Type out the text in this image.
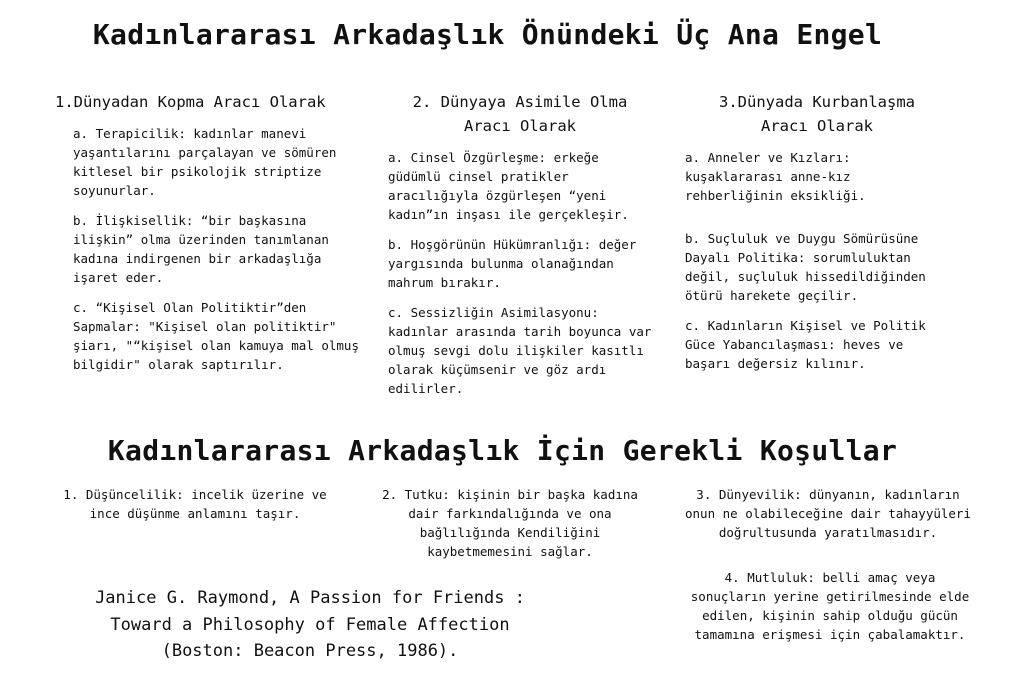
Kadınlararası Arkadaşlık Önündeki Üç Ana Engel
1.Dünyadan Kopma Aracı Olarak
a. Terapicilik: kadınlar manevi yaşantılarını parçalayan ve sömüren kitlesel bir psikolojik striptize soyunurlar.
b. İlişkisellik: “bir başkasına ilişkin” olma üzerinden tanımlanan kadına indirgenen bir arkadaşlığa işaret eder.
c. “Kişisel Olan Politiktir”den Sapmalar: "Kişisel olan politiktir" şiarı, "“kişisel olan kamuya mal olmuş bilgidir" olarak saptırılır.
2. Dünyaya Asimile Olma
Aracı Olarak
a. Cinsel Özgürleşme: erkeğe güdümlü cinsel pratikler aracılığıyla özgürleşen “yeni kadın”ın inşası ile gerçekleşir.
b. Hoşgörünün Hükümranlığı: değer yargısında bulunma olanağından mahrum bırakır.
c. Sessizliğin Asimilasyonu: kadınlar arasında tarih boyunca var olmuş sevgi dolu ilişkiler kasıtlı olarak küçümsenir ve göz ardı edilirler.
3.Dünyada Kurbanlaşma
Aracı Olarak
a. Anneler ve Kızları: kuşaklararası anne-kız rehberliğinin eksikliği.
b. Suçluluk ve Duygu Sömürüsüne Dayalı Politika: sorumluluktan değil, suçluluk hissedildiğinden ötürü harekete geçilir.
c. Kadınların Kişisel ve Politik Güce Yabancılaşması: heves ve başarı değersiz kılınır.
Kadınlararası Arkadaşlık İçin Gerekli Koşullar
1. Düşüncelilik: incelik üzerine ve ince düşünme anlamını taşır.
2. Tutku: kişinin bir başka kadına dair farkındalığında ve ona bağlılığında Kendiliğini kaybetmemesini sağlar.
3. Dünyevilik: dünyanın, kadınların onun ne olabileceğine dair tahayyüleri doğrultusunda yaratılmasıdır.
4. Mutluluk: belli amaç veya sonuçların yerine getirilmesinde elde edilen, kişinin sahip olduğu gücün tamamına erişmesi için çabalamaktır.
Janice G. Raymond, A Passion for Friends : Toward a Philosophy of Female Affection (Boston: Beacon Press, 1986).
